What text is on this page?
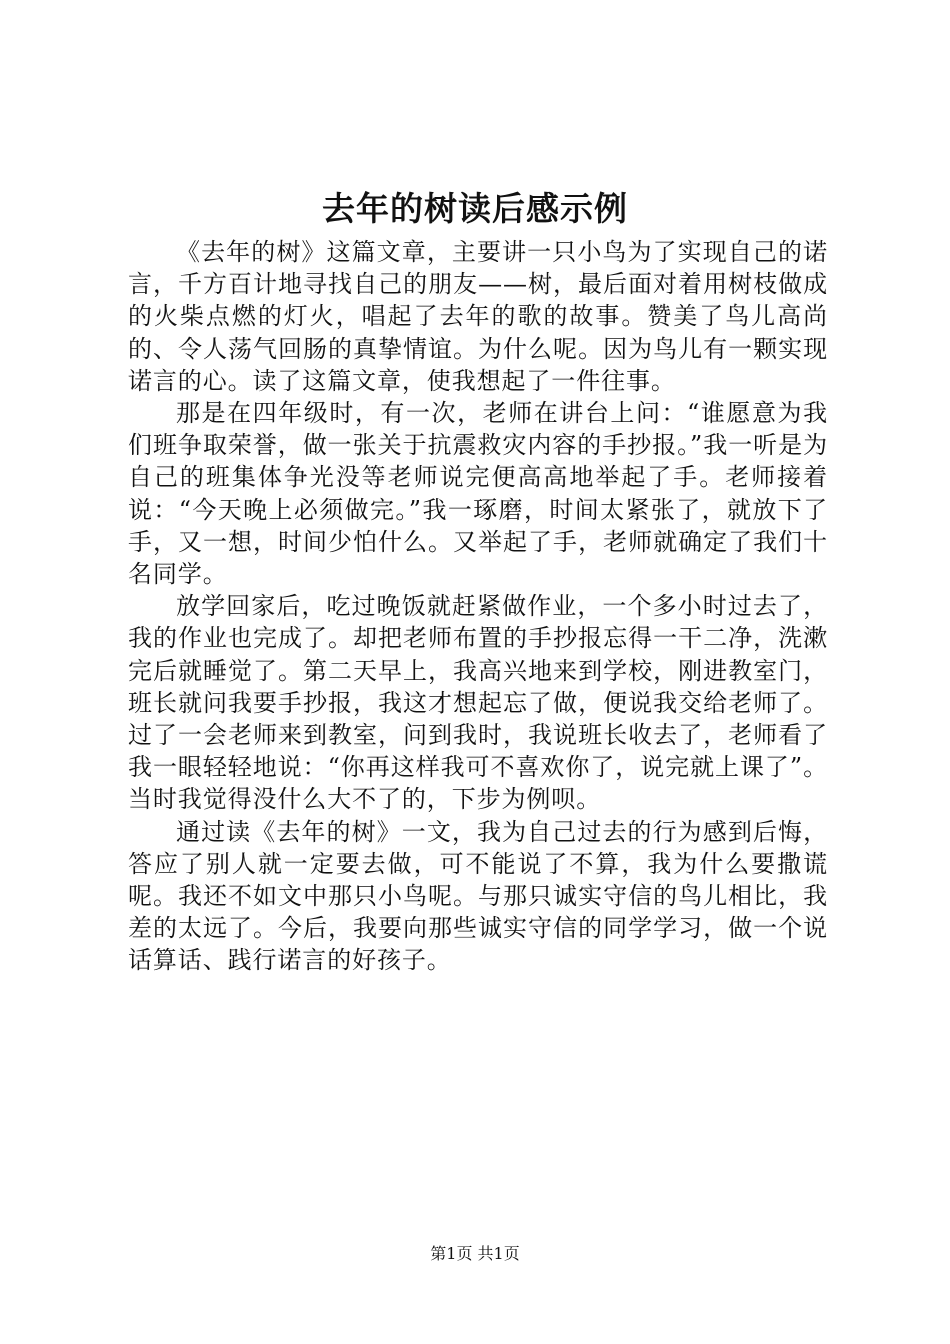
去年的树读后感示例

《去年的树》这篇文章，主要讲一只小鸟为了实现自己的诺言，千方百计地寻找自己的朋友——树，最后面对着用树枝做成的火柴点燃的灯火，唱起了去年的歌的故事。赞美了鸟儿高尚的、令人荡气回肠的真挚情谊。为什么呢。因为鸟儿有一颗实现诺言的心。读了这篇文章，使我想起了一件往事。

那是在四年级时，有一次，老师在讲台上问：“谁愿意为我们班争取荣誉，做一张关于抗震救灾内容的手抄报。”我一听是为自己的班集体争光没等老师说完便高高地举起了手。老师接着说：“今天晚上必须做完。”我一琢磨，时间太紧张了，就放下了手，又一想，时间少怕什么。又举起了手，老师就确定了我们十名同学。

放学回家后，吃过晚饭就赶紧做作业，一个多小时过去了，我的作业也完成了。却把老师布置的手抄报忘得一干二净，洗漱完后就睡觉了。第二天早上，我高兴地来到学校，刚进教室门，班长就问我要手抄报，我这才想起忘了做，便说我交给老师了。过了一会老师来到教室，问到我时，我说班长收去了，老师看了我一眼轻轻地说：“你再这样我可不喜欢你了，说完就上课了”。当时我觉得没什么大不了的，下步为例呗。

通过读《去年的树》一文，我为自己过去的行为感到后悔，答应了别人就一定要去做，可不能说了不算，我为什么要撒谎呢。我还不如文中那只小鸟呢。与那只诚实守信的鸟儿相比，我差的太远了。今后，我要向那些诚实守信的同学学习，做一个说话算话、践行诺言的好孩子。

第1页 共1页
